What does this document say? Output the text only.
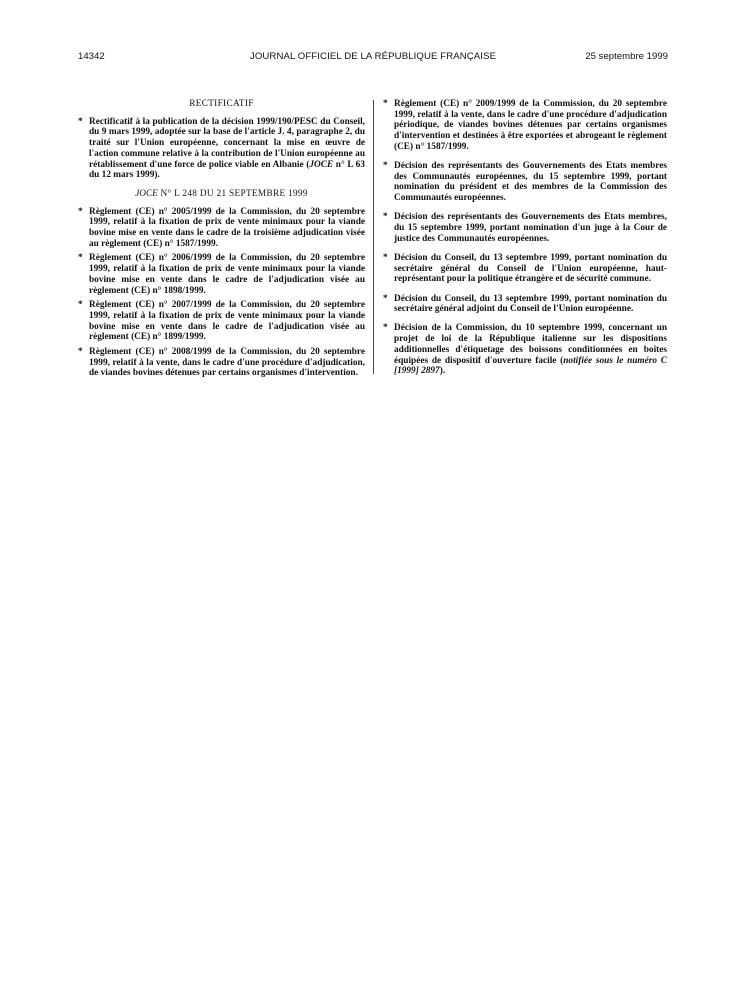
14342	JOURNAL OFFICIEL DE LA RÉPUBLIQUE FRANÇAISE	25 septembre 1999
RECTIFICATIF
* Rectificatif à la publication de la décision 1999/190/PESC du Conseil, du 9 mars 1999, adoptée sur la base de l'article J. 4, paragraphe 2, du traité sur l'Union européenne, concernant la mise en œuvre de l'action commune relative à la contribution de l'Union européenne au rétablissement d'une force de police viable en Albanie (JOCE n° L 63 du 12 mars 1999).
JOCE N° L 248 DU 21 SEPTEMBRE 1999
* Règlement (CE) n° 2005/1999 de la Commission, du 20 septembre 1999, relatif à la fixation de prix de vente minimaux pour la viande bovine mise en vente dans le cadre de la troisième adjudication visée au règlement (CE) n° 1587/1999.
* Règlement (CE) n° 2006/1999 de la Commission, du 20 septembre 1999, relatif à la fixation de prix de vente minimaux pour la viande bovine mise en vente dans le cadre de l'adjudication visée au règlement (CE) n° 1898/1999.
* Règlement (CE) n° 2007/1999 de la Commission, du 20 septembre 1999, relatif à la fixation de prix de vente minimaux pour la viande bovine mise en vente dans le cadre de l'adjudication visée au règlement (CE) n° 1899/1999.
* Règlement (CE) n° 2008/1999 de la Commission, du 20 septembre 1999, relatif à la vente, dans le cadre d'une procédure d'adjudication, de viandes bovines détenues par certains organismes d'intervention.
* Règlement (CE) n° 2009/1999 de la Commission, du 20 septembre 1999, relatif à la vente, dans le cadre d'une procédure d'adjudication périodique, de viandes bovines détenues par certains organismes d'intervention et destinées à être exportées et abrogeant le règlement (CE) n° 1587/1999.
* Décision des représentants des Gouvernements des Etats membres des Communautés européennes, du 15 septembre 1999, portant nomination du président et des membres de la Commission des Communautés européennes.
* Décision des représentants des Gouvernements des Etats membres, du 15 septembre 1999, portant nomination d'un juge à la Cour de justice des Communautés européennes.
* Décision du Conseil, du 13 septembre 1999, portant nomination du secrétaire général du Conseil de l'Union européenne, haut-représentant pour la politique étrangère et de sécurité commune.
* Décision du Conseil, du 13 septembre 1999, portant nomination du secrétaire général adjoint du Conseil de l'Union européenne.
* Décision de la Commission, du 10 septembre 1999, concernant un projet de loi de la République italienne sur les dispositions additionnelles d'étiquetage des boissons conditionnées en boîtes équipées de dispositif d'ouverture facile (notifiée sous le numéro C [1999] 2897).
